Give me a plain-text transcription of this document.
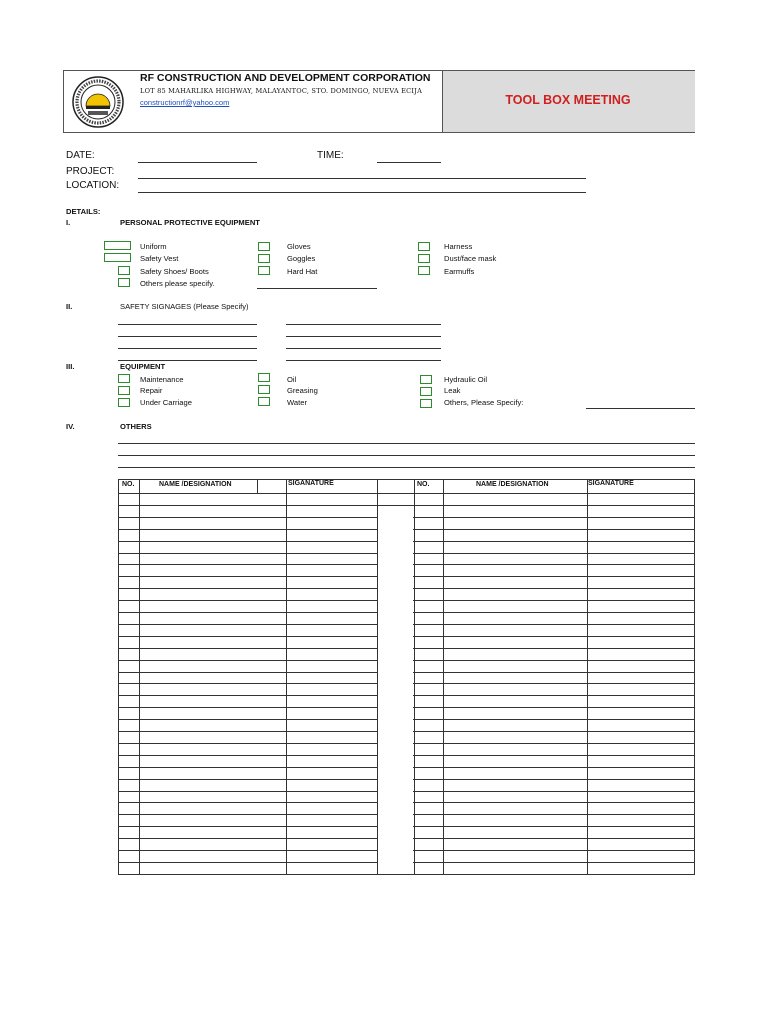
RF CONSTRUCTION AND DEVELOPMENT CORPORATION
LOT 85 MAHARLIKA HIGHWAY, MALAYANTOC, STO. DOMINGO, NUEVA ECIJA
constructionrf@yahoo.com	TOOL BOX MEETING
DATE:	TIME:
PROJECT:
LOCATION:
DETAILS:
I.	PERSONAL PROTECTIVE EQUIPMENT
Uniform
Safety Vest
Safety Shoes/ Boots
Others please specify.
Gloves
Goggles
Hard Hat
Harness
Dust/face mask
Earmuffs
II.	SAFETY SIGNAGES (Please Specify)
III.	EQUIPMENT
Maintenance
Repair
Under Carriage
Oil
Greasing
Water
Hydraulic Oil
Leak
Others, Please Specify:
IV.	OTHERS
NO.	NAME /DESIGNATION	SIGANATURE	NO.	NAME /DESIGNATION	SIGANATURE
